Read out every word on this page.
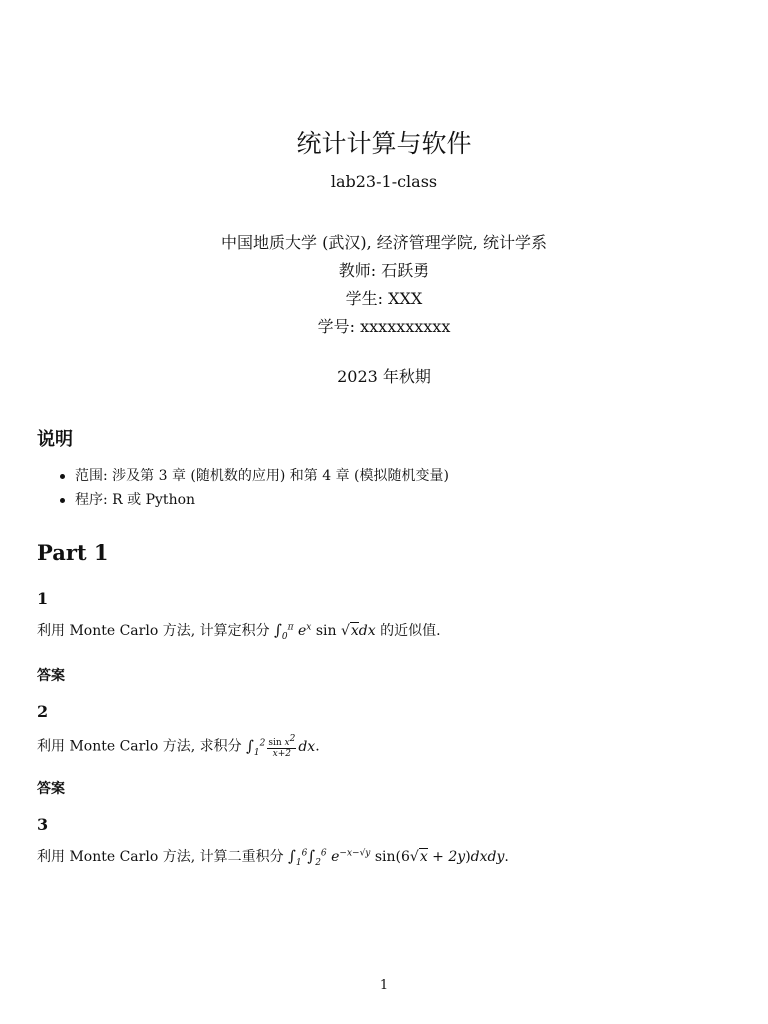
统计计算与软件
lab23-1-class
中国地质大学 (武汉), 经济管理学院, 统计学系
教师: 石跃勇
学生: XXX
学号: xxxxxxxxxx
2023 年秋期
说明
范围: 涉及第 3 章 (随机数的应用) 和第 4 章 (模拟随机变量)
程序: R 或 Python
Part 1
1
利用 Monte Carlo 方法, 计算定积分 $\int_0^\pi$ $e^x$ sin √xdx 的近似值.
答案
2
利用 Monte Carlo 方法, 求积分 $\int_1^2 \frac{\sin x^2}{x+2}$ dx.
答案
3
利用 Monte Carlo 方法, 计算二重积分 $\int_1^6\int_2^6$ $e^{-x-√y}$ sin(6√x + 2y)dxdy.
1
